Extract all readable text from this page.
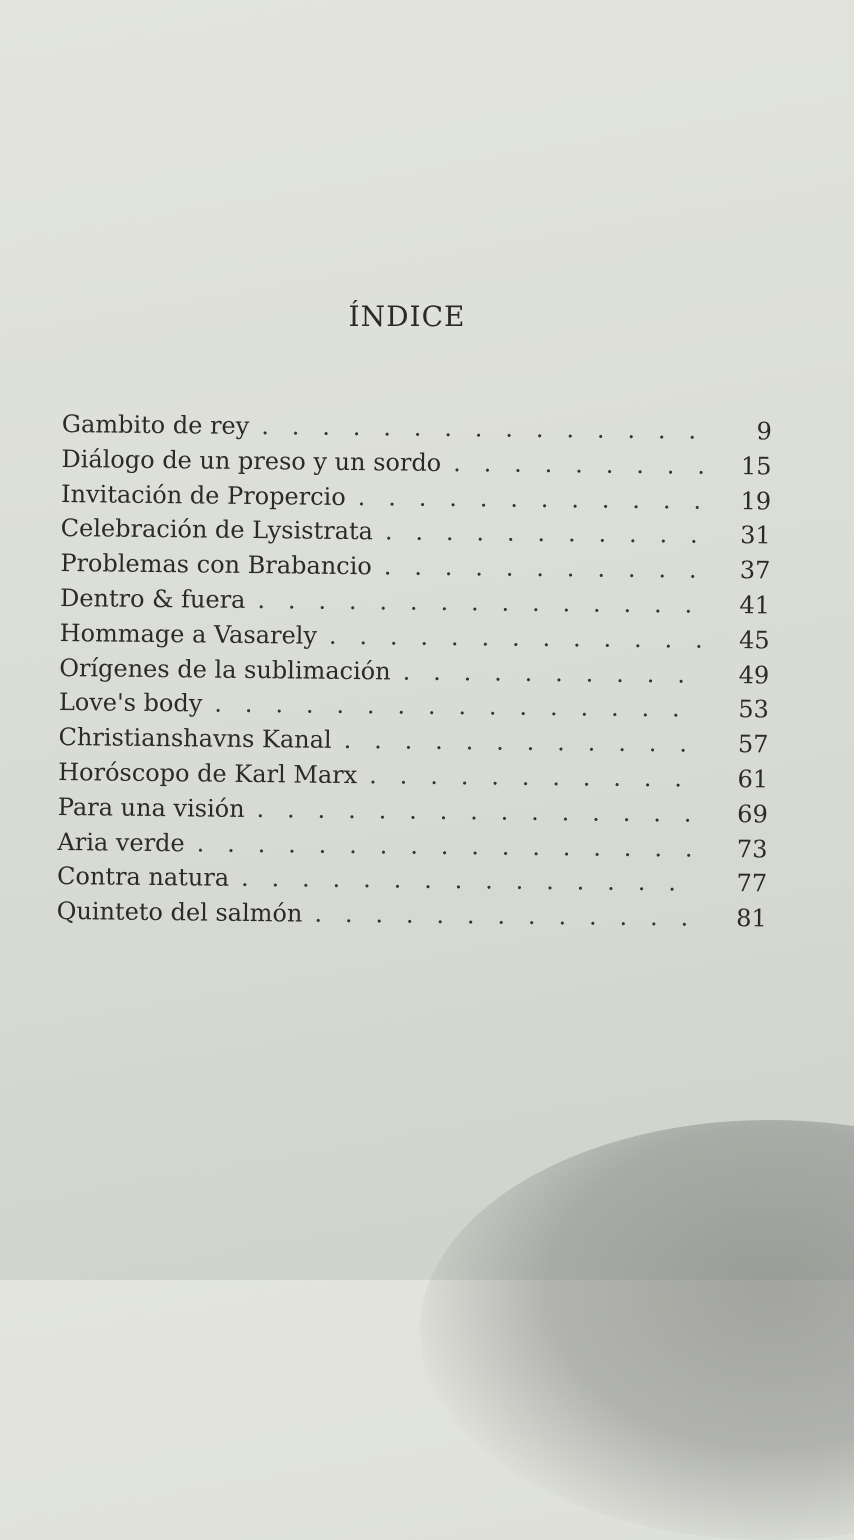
ÍNDICE
Gambito de rey . .	9
Diálogo de un preso y un sordo . .	15
Invitación de Propercio . .	19
Celebración de Lysistrata . .	31
Problemas con Brabancio . .	37
Dentro & fuera . .	41
Hommage a Vasarely . .	45
Orígenes de la sublimación . .	49
Love's body . .	53
Christianshavns Kanal . .	57
Horóscopo de Karl Marx . .	61
Para una visión . .	69
Aria verde . .	73
Contra natura . .	77
Quinteto del salmón . .	81
